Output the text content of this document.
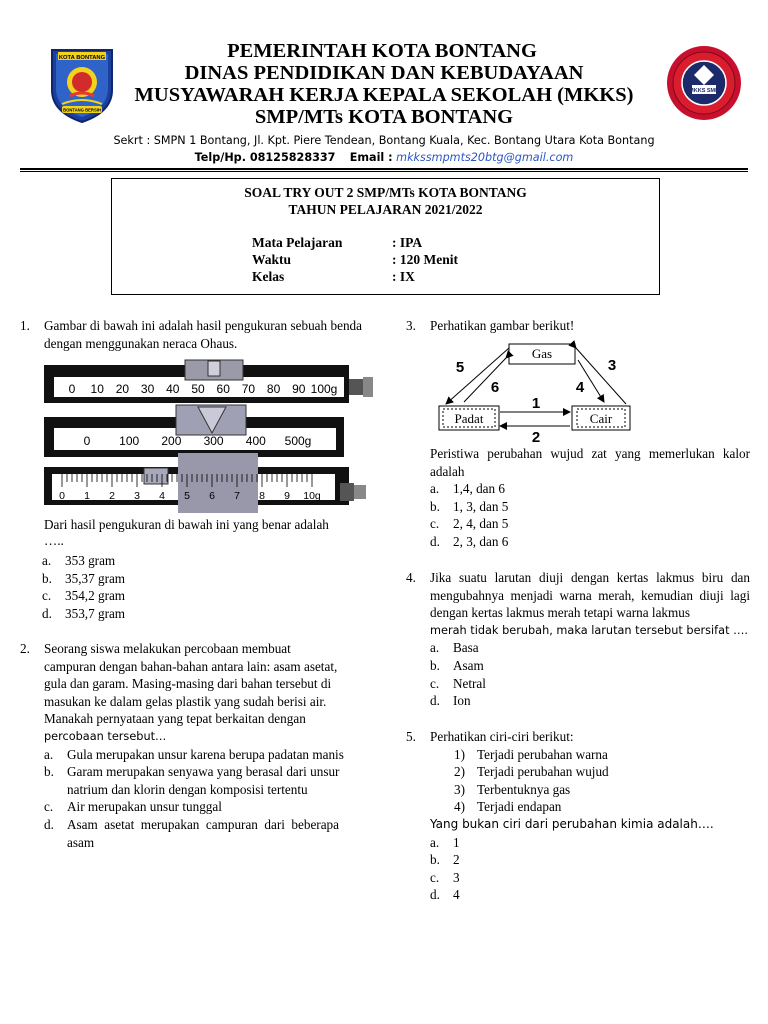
KOTA BONTANG
BONTANG BERSIH
PEMERINTAH KOTA BONTANG
DINAS PENDIDIKAN DAN KEBUDAYAAN
MUSYAWARAH KERJA KEPALA SEKOLAH (MKKS)
SMP/MTs KOTA BONTANG
MKKS SMP
Sekrt : SMPN 1 Bontang, Jl. Kpt. Piere Tendean, Bontang Kuala, Kec. Bontang Utara Kota Bontang
Telp/Hp. 08125828337 Email : mkkssmpmts20btg@gmail.com
SOAL TRY OUT 2 SMP/MTs KOTA BONTANG
TAHUN PELAJARAN 2021/2022
Mata Pelajaran	: IPA
Waktu	: 120 Menit
Kelas	: IX
1. Gambar di bawah ini adalah hasil pengukuran sebuah benda dengan menggunakan neraca Ohaus.
0 10 20 30 40 50 60 70 80 90 100g
0 100 200 300 400 500g
0 1 2 3 4 5 6 7 8 9 10g
Dari hasil pengukuran di bawah ini yang benar adalah
…..
a. 353 gram
b. 35,37 gram
c. 354,2 gram
d. 353,7 gram
2. Seorang siswa melakukan percobaan membuat
campuran dengan bahan-bahan antara lain: asam asetat,
gula dan garam. Masing-masing dari bahan tersebut di
masukan ke dalam gelas plastik yang sudah berisi air.
Manakah pernyataan yang tepat berkaitan dengan
percobaan tersebut…
a. Gula merupakan unsur karena berupa padatan manis
b. Garam merupakan senyawa yang berasal dari unsur natrium dan klorin dengan komposisi tertentu
c. Air merupakan unsur tunggal
d. Asam asetat merupakan campuran dari beberapa asam
3. Perhatikan gambar berikut!
Gas
Padat	Cair
5
6
3
4
1
2
Peristiwa perubahan wujud zat yang memerlukan kalor adalah
a. 1,4, dan 6
b. 1, 3, dan 5
c. 2, 4, dan 5
d. 2, 3, dan 6
4. Jika suatu larutan diuji dengan kertas lakmus biru dan mengubahnya menjadi warna merah, kemudian diuji lagi dengan kertas lakmus merah tetapi warna lakmus
merah tidak berubah, maka larutan tersebut bersifat ….
a. Basa
b. Asam
c. Netral
d. Ion
5. Perhatikan ciri-ciri berikut:
1) Terjadi perubahan warna
2) Terjadi perubahan wujud
3) Terbentuknya gas
4) Terjadi endapan
Yang bukan ciri dari perubahan kimia adalah….
a. 1
b. 2
c. 3
d. 4
